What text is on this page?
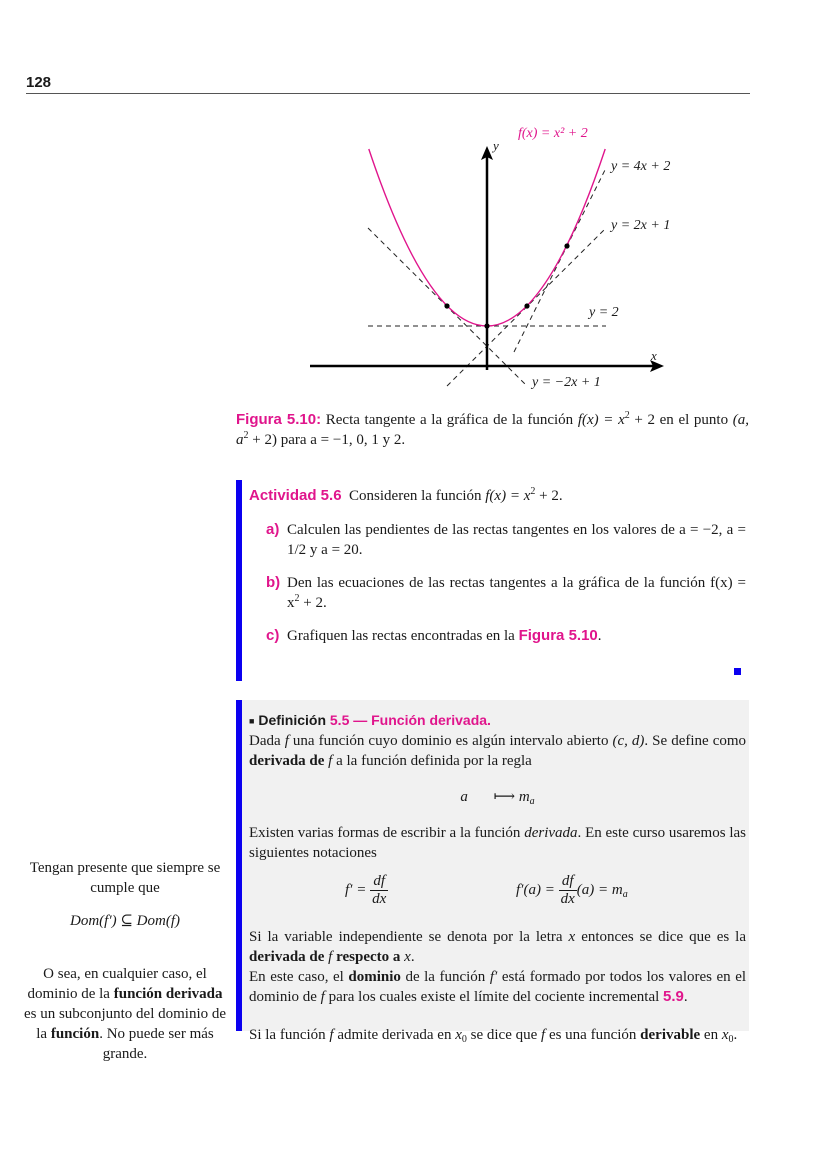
128
f(x) = x² + 2
y
x
y = 4x + 2
y = 2x + 1
y = 2
y = −2x + 1
Figura 5.10: Recta tangente a la gráfica de la función $f(x) = x^2 + 2$ en el punto (a, $a^2 + 2$) para a = −1, 0, 1 y 2.
Actividad 5.6 Consideren la función $f(x) = x^2 + 2$.
a) Calculen las pendientes de las rectas tangentes en los valores de a = −2, a = 1/2 y a = 20.
b) Den las ecuaciones de las rectas tangentes a la gráfica de la función $f(x) = x^2 + 2$.
c) Grafiquen las rectas encontradas en la Figura 5.10.
■ Definición 5.5 — Función derivada.

Dada f una función cuyo dominio es algún intervalo abierto (c, d). Se define como derivada de f a la función definida por la regla

a ⟼ $m_a$

Existen varias formas de escribir a la función derivada. En este curso usaremos las siguientes notaciones

$f' = \frac{df}{dx}$	$f'(a) = \frac{df}{dx} (a) = m_a$

Si la variable independiente se denota por la letra x entonces se dice que es la derivada de f respecto a x.

En este caso, el dominio de la función f′ está formado por todos los valores en el dominio de f para los cuales existe el límite del cociente incremental 5.9.

Si la función f admite derivada en $x_0$ se dice que f es una función derivable en $x_0$.

Tengan presente que siempre se cumple que
Dom(f′) ⊆ Dom(f)
O sea, en cualquier caso, el dominio de la función derivada es un subconjunto del dominio de la función. No puede ser más grande.
